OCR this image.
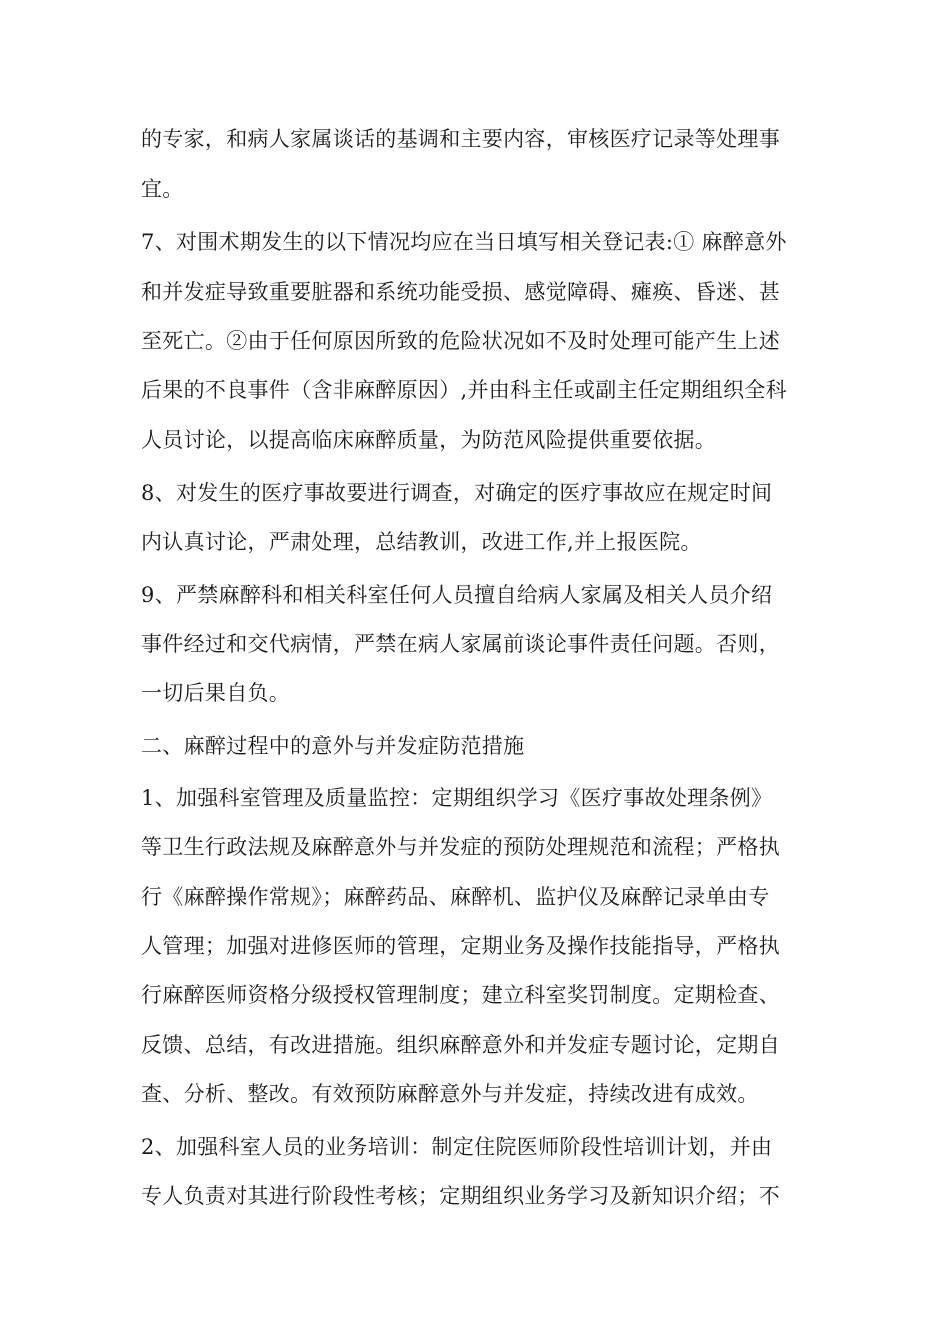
的专家，和病人家属谈话的基调和主要内容，审核医疗记录等处理事

宜。

7、对围术期发生的以下情况均应在当日填写相关登记表:① 麻醉意外

和并发症导致重要脏器和系统功能受损、感觉障碍、瘫痪、昏迷、甚

至死亡。②由于任何原因所致的危险状况如不及时处理可能产生上述

后果的不良事件（含非麻醉原因）,并由科主任或副主任定期组织全科

人员讨论，以提高临床麻醉质量，为防范风险提供重要依据。

8、对发生的医疗事故要进行调查，对确定的医疗事故应在规定时间

内认真讨论，严肃处理，总结教训，改进工作,并上报医院。

9、严禁麻醉科和相关科室任何人员擅自给病人家属及相关人员介绍

事件经过和交代病情，严禁在病人家属前谈论事件责任问题。否则，

一切后果自负。

二、麻醉过程中的意外与并发症防范措施

1、加强科室管理及质量监控：定期组织学习《医疗事故处理条例》

等卫生行政法规及麻醉意外与并发症的预防处理规范和流程；严格执

行《麻醉操作常规》；麻醉药品、麻醉机、监护仪及麻醉记录单由专

人管理；加强对进修医师的管理，定期业务及操作技能指导，严格执

行麻醉医师资格分级授权管理制度；建立科室奖罚制度。定期检查、

反馈、总结，有改进措施。组织麻醉意外和并发症专题讨论，定期自

查、分析、整改。有效预防麻醉意外与并发症，持续改进有成效。

2、加强科室人员的业务培训：制定住院医师阶段性培训计划，并由

专人负责对其进行阶段性考核；定期组织业务学习及新知识介绍；不
